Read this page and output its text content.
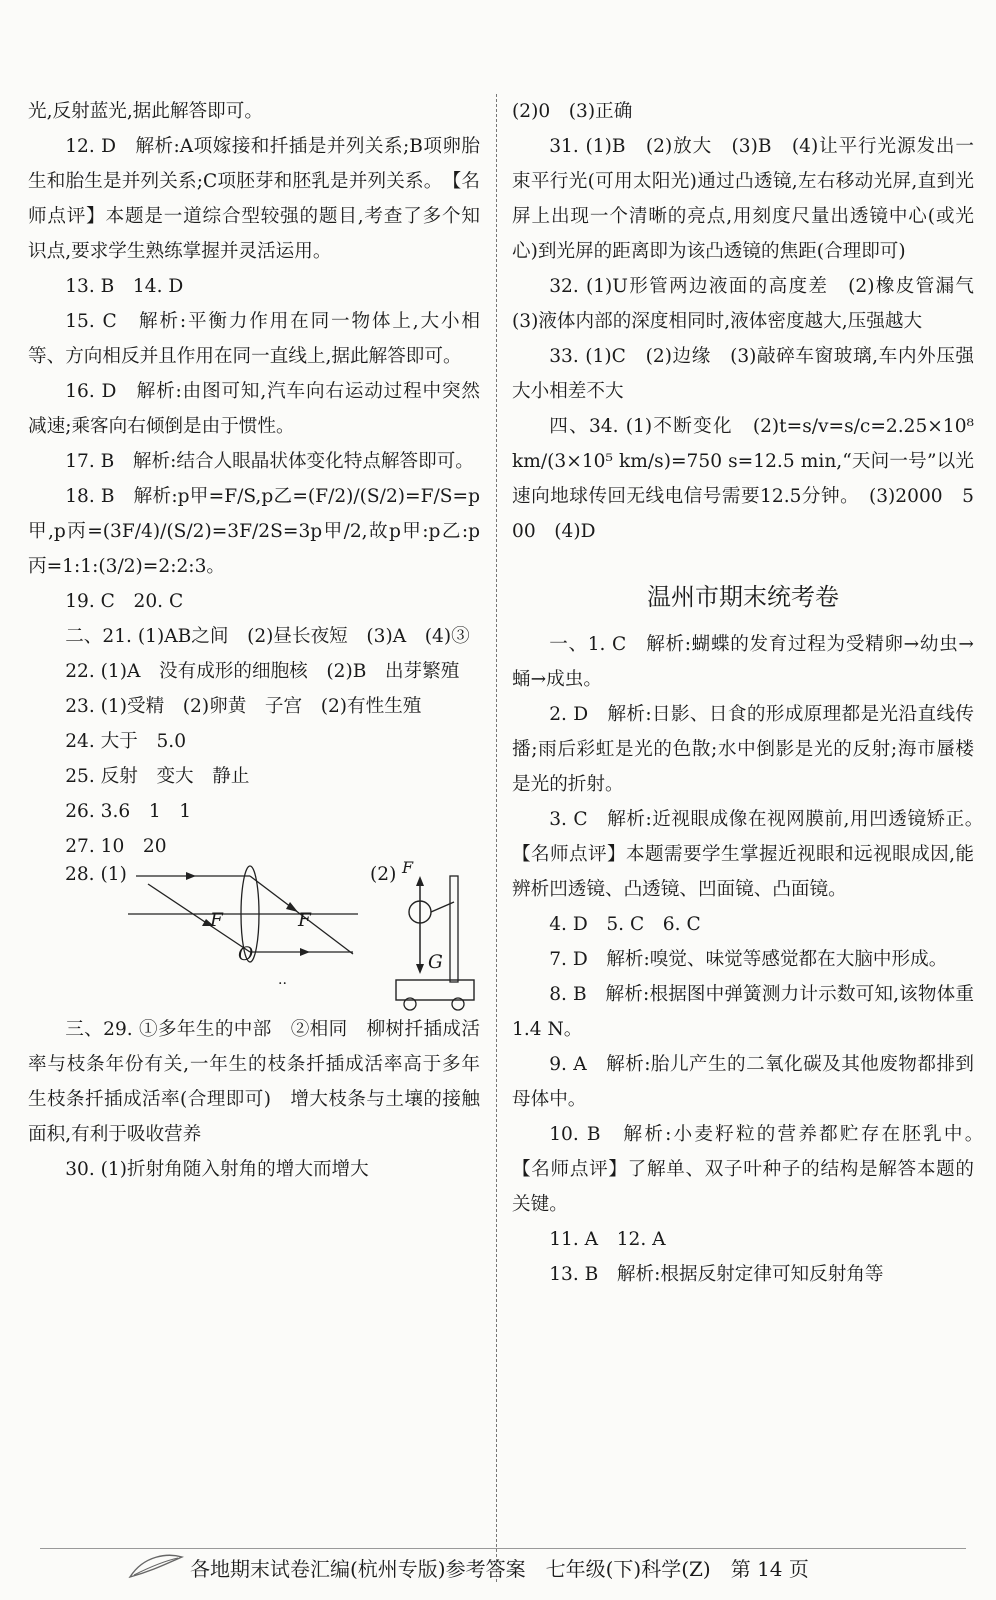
光,反射蓝光,据此解答即可。

12. D　解析:A项嫁接和扦插是并列关系;B项卵胎生和胎生是并列关系;C项胚芽和胚乳是并列关系。　【名师点评】本题是一道综合型较强的题目,考查了多个知识点,要求学生熟练掌握并灵活运用。

13. B　14. D

15. C　解析:平衡力作用在同一物体上,大小相等、方向相反并且作用在同一直线上,据此解答即可。

16. D　解析:由图可知,汽车向右运动过程中突然减速;乘客向右倾倒是由于惯性。

17. B　解析:结合人眼晶状体变化特点解答即可。

18. B　解析:p甲=F/S,p乙=(F/2)/(S/2)=F/S=p甲,p丙=(3F/4)/(S/2)=3F/2S=3p甲/2,故p甲:p乙:p丙=1:1:(3/2)=2:2:3。

19. C　20. C

二、21. (1)AB之间　(2)昼长夜短　(3)A　(4)③

22. (1)A　没有成形的细胞核　(2)B　出芽繁殖

23. (1)受精　(2)卵黄　子宫　(2)有性生殖

24. 大于　5.0

25. 反射　变大　静止

26. 3.6　1　1

27. 10　20

28. (1)
F	F
O
..
(2) F
G

三、29. ①多年生的中部　②相同　柳树扦插成活率与枝条年份有关,一年生的枝条扦插成活率高于多年生枝条扦插成活率(合理即可)　增大枝条与土壤的接触面积,有利于吸收营养

30. (1)折射角随入射角的增大而增大

(2)0　(3)正确

31. (1)B　(2)放大　(3)B　(4)让平行光源发出一束平行光(可用太阳光)通过凸透镜,左右移动光屏,直到光屏上出现一个清晰的亮点,用刻度尺量出透镜中心(或光心)到光屏的距离即为该凸透镜的焦距(合理即可)

32. (1)U形管两边液面的高度差　(2)橡皮管漏气　(3)液体内部的深度相同时,液体密度越大,压强越大

33. (1)C　(2)边缘　(3)敲碎车窗玻璃,车内外压强大小相差不大

四、34. (1)不断变化　(2)t=s/v=s/c=2.25×10⁸ km/(3×10⁵ km/s)=750 s=12.5 min,“天问一号”以光速向地球传回无线电信号需要12.5分钟。　(3)2000　500　(4)D

温州市期末统考卷

一、1. C　解析:蝴蝶的发育过程为受精卵→幼虫→蛹→成虫。

2. D　解析:日影、日食的形成原理都是光沿直线传播;雨后彩虹是光的色散;水中倒影是光的反射;海市蜃楼是光的折射。

3. C　解析:近视眼成像在视网膜前,用凹透镜矫正。　【名师点评】本题需要学生掌握近视眼和远视眼成因,能辨析凹透镜、凸透镜、凹面镜、凸面镜。

4. D　5. C　6. C

7. D　解析:嗅觉、味觉等感觉都在大脑中形成。

8. B　解析:根据图中弹簧测力计示数可知,该物体重1.4 N。

9. A　解析:胎儿产生的二氧化碳及其他废物都排到母体中。

10. B　解析:小麦籽粒的营养都贮存在胚乳中。　【名师点评】了解单、双子叶种子的结构是解答本题的关键。

11. A　12. A

13. B　解析:根据反射定律可知反射角等

各地期末试卷汇编(杭州专版)参考答案　七年级(下)科学(Z)　第 14 页
